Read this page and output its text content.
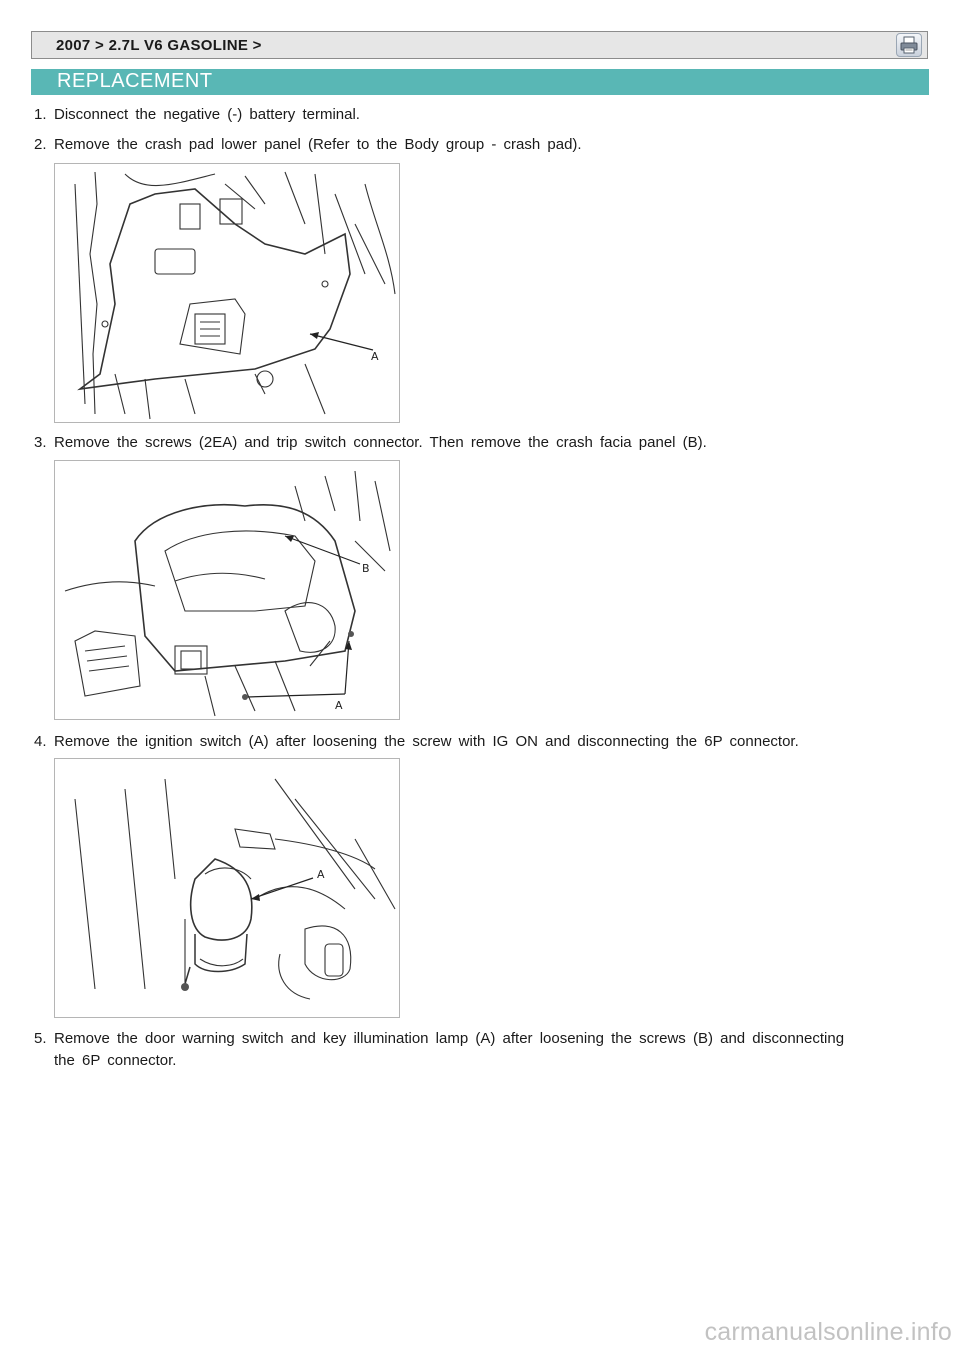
2007 > 2.7L V6 GASOLINE >
REPLACEMENT
1. Disconnect the negative (-) battery terminal.
2. Remove the crash pad lower panel (Refer to the Body group - crash pad).
A
3. Remove the screws (2EA) and trip switch connector. Then remove the crash facia panel (B).
B
A
4. Remove the ignition switch (A) after loosening the screw with IG ON and disconnecting the 6P connector.
A
5. Remove the door warning switch and key illumination lamp (A) after loosening the screws (B) and disconnecting
the 6P connector.
carmanualsonline.info
